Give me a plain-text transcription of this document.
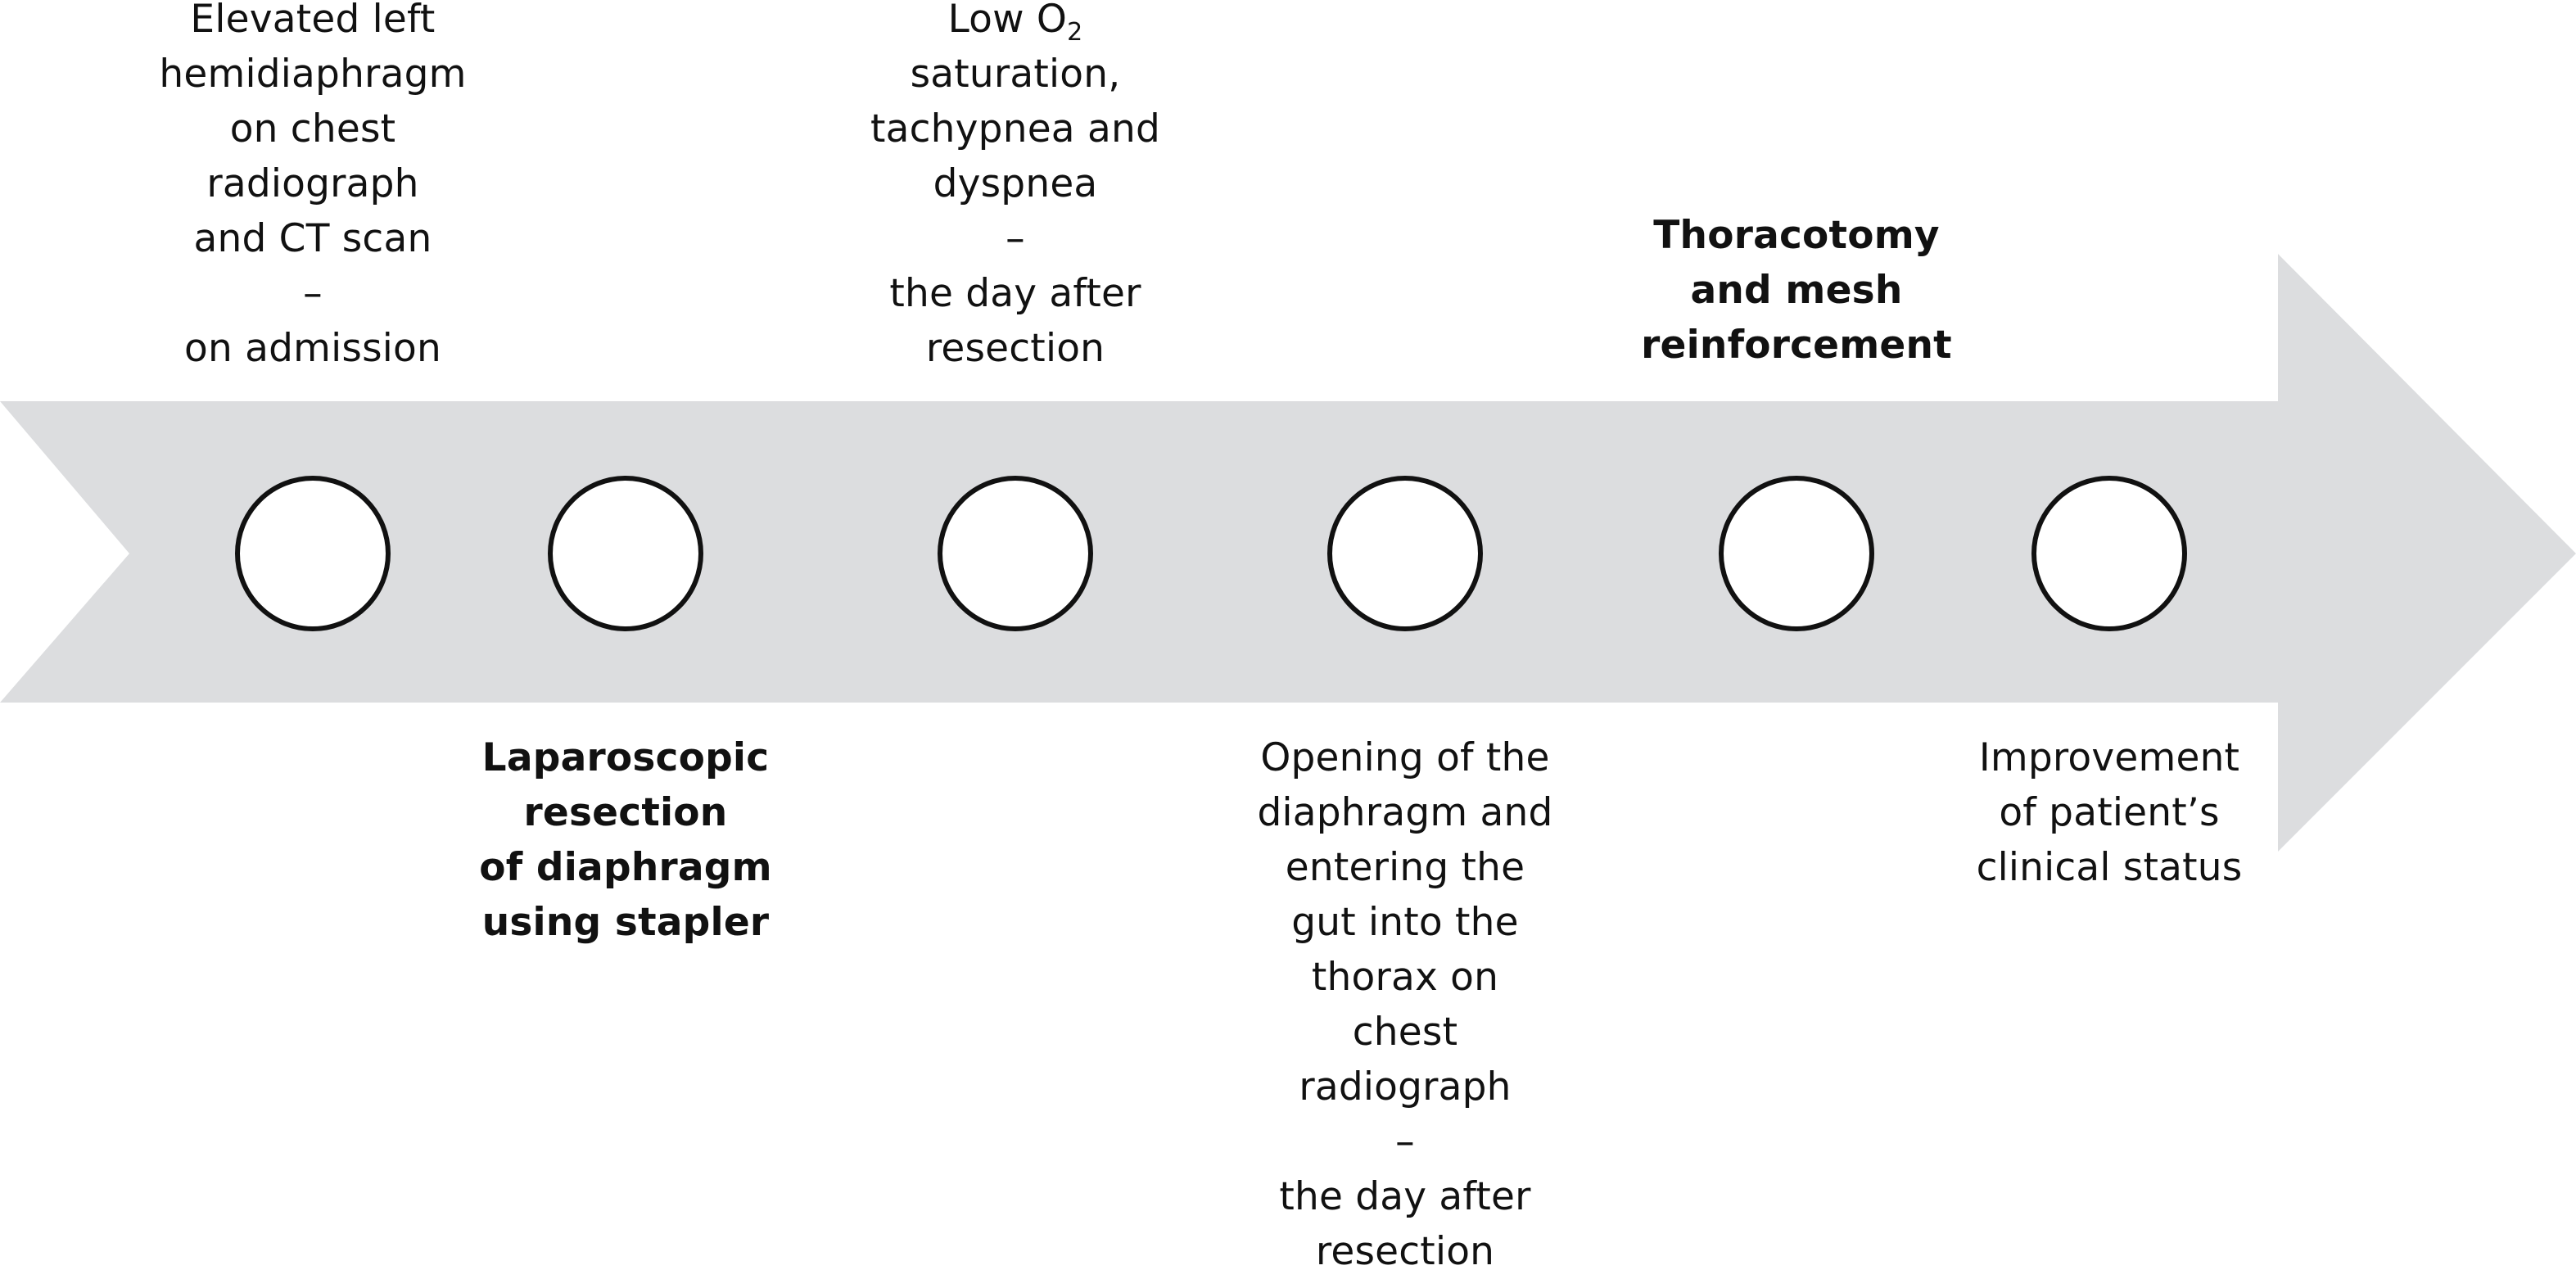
Elevated left
hemidiaphragm
on chest
radiograph
and CT scan
–
on admission
Laparoscopic
resection
of diaphragm
using stapler
Low $O_2$
saturation,
tachypnea and
dyspnea
–
the day after
resection
Opening of the
diaphragm and
entering the
gut into the
thorax on
chest
radiograph
–
the day after
resection
Thoracotomy
and mesh
reinforcement
Improvement
of patient’s
clinical status
